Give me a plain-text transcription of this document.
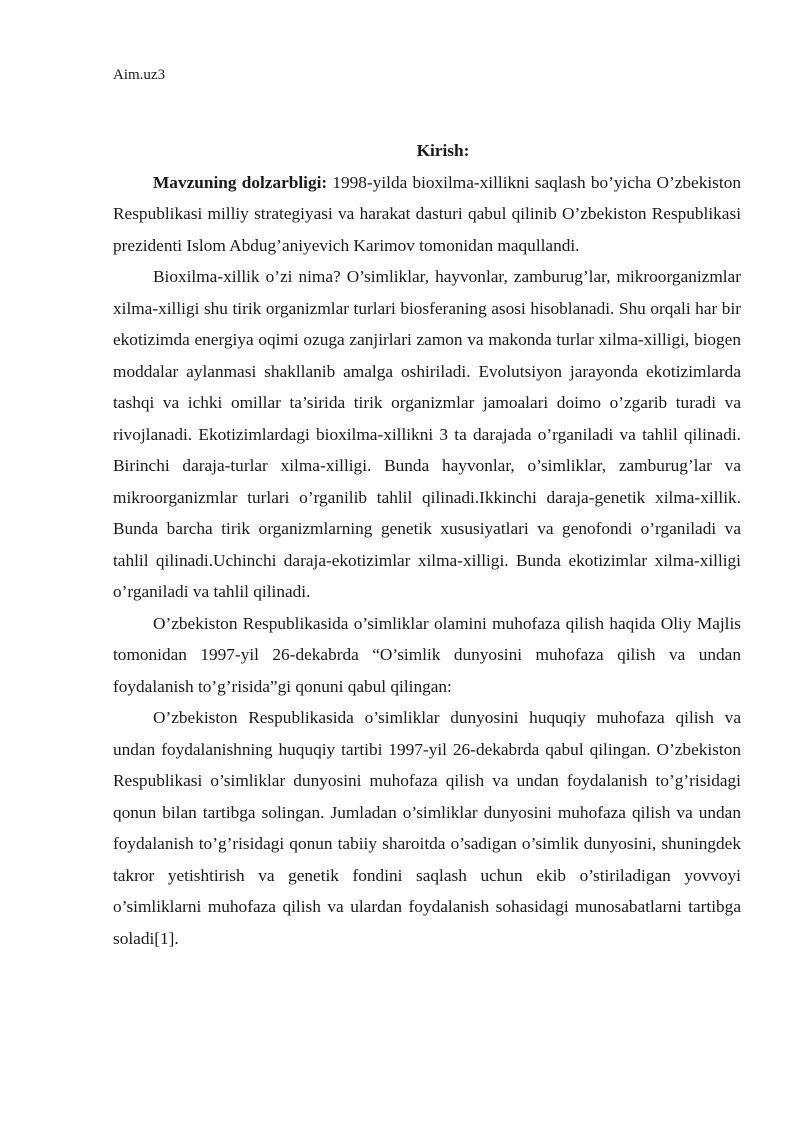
Aim.uz3
Kirish:

Mavzuning dolzarbligi: 1998-yilda bioxilma-xillikni saqlash bo’yicha O’zbekiston Respublikasi milliy strategiyasi va harakat dasturi qabul qilinib O’zbekiston Respublikasi prezidenti Islom Abdug’aniyevich Karimov tomonidan maqullandi.

Bioxilma-xillik o’zi nima? O’simliklar, hayvonlar, zamburug’lar, mikroorganizmlar xilma-xilligi shu tirik organizmlar turlari biosferaning asosi hisoblanadi. Shu orqali har bir ekotizimda energiya oqimi ozuga zanjirlari zamon va makonda turlar xilma-xilligi, biogen moddalar aylanmasi shakllanib amalga oshiriladi. Evolutsiyon jarayonda ekotizimlarda tashqi va ichki omillar ta’sirida tirik organizmlar jamoalari doimo o’zgarib turadi va rivojlanadi. Ekotizimlardagi bioxilma-xillikni 3 ta darajada o’rganiladi va tahlil qilinadi. Birinchi daraja-turlar xilma-xilligi. Bunda hayvonlar, o’simliklar, zamburug’lar va mikroorganizmlar turlari o’rganilib tahlil qilinadi.Ikkinchi daraja-genetik xilma-xillik. Bunda barcha tirik organizmlarning genetik xususiyatlari va genofondi o’rganiladi va tahlil qilinadi.Uchinchi daraja-ekotizimlar xilma-xilligi. Bunda ekotizimlar xilma-xilligi o’rganiladi va tahlil qilinadi.

O’zbekiston Respublikasida o’simliklar olamini muhofaza qilish haqida Oliy Majlis tomonidan 1997-yil 26-dekabrda “O’simlik dunyosini muhofaza qilish va undan foydalanish to’g’risida”gi qonuni qabul qilingan:

O’zbekiston Respublikasida o’simliklar dunyosini huquqiy muhofaza qilish va undan foydalanishning huquqiy tartibi 1997-yil 26-dekabrda qabul qilingan. O’zbekiston Respublikasi o’simliklar dunyosini muhofaza qilish va undan foydalanish to’g’risidagi qonun bilan tartibga solingan. Jumladan o’simliklar dunyosini muhofaza qilish va undan foydalanish to’g’risidagi qonun tabiiy sharoitda o’sadigan o’simlik dunyosini, shuningdek takror yetishtirish va genetik fondini saqlash uchun ekib o’stiriladigan yovvoyi o’simliklarni muhofaza qilish va ulardan foydalanish sohasidagi munosabatlarni tartibga soladi[1].
